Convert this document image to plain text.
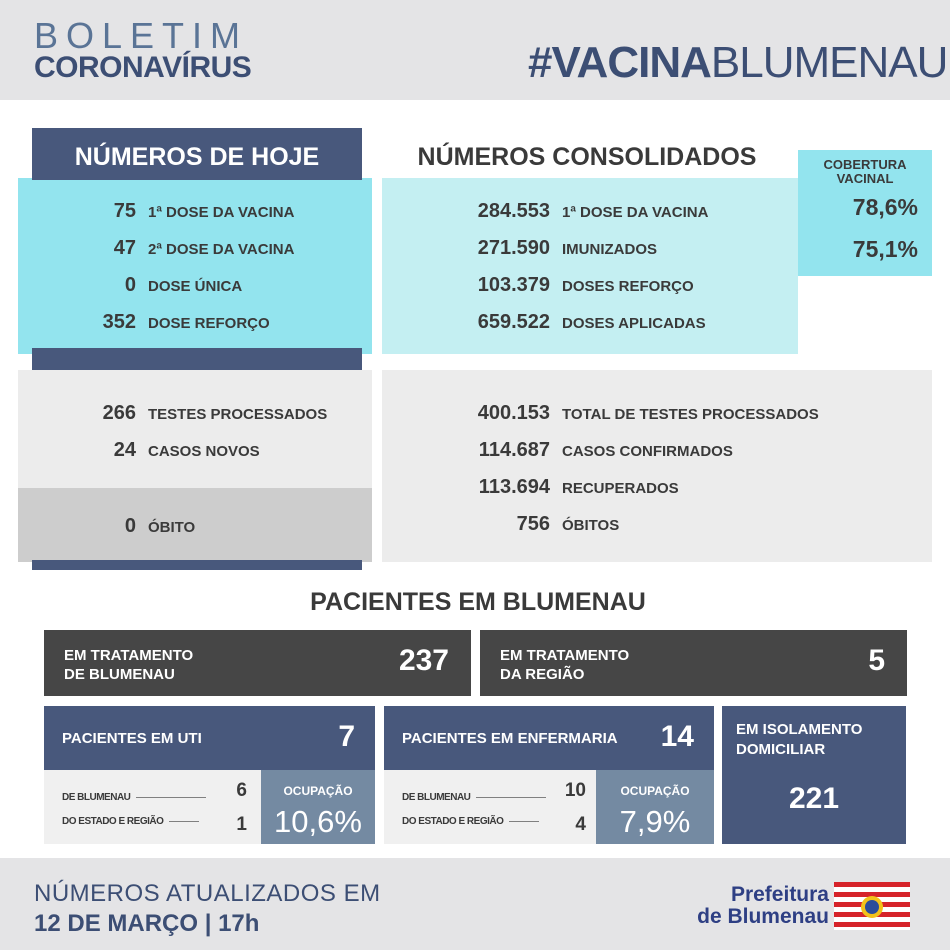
BOLETIM
CORONAVÍRUS	#VACINABLUMENAU
NÚMEROS DE HOJE	NÚMEROS CONSOLIDADOS	COBERTURA
VACINAL
78,6%
75,1%
75 1ª DOSE DA VACINA
47 2ª DOSE DA VACINA
0 DOSE ÚNICA
352 DOSE REFORÇO
284.553 1ª DOSE DA VACINA
271.590 IMUNIZADOS
103.379 DOSES REFORÇO
659.522 DOSES APLICADAS
266 TESTES PROCESSADOS
24 CASOS NOVOS
0 ÓBITO
400.153 TOTAL DE TESTES PROCESSADOS
114.687 CASOS CONFIRMADOS
113.694 RECUPERADOS
756 ÓBITOS
PACIENTES EM BLUMENAU
EM TRATAMENTO
DE BLUMENAU	237	EM TRATAMENTO
DA REGIÃO	5
PACIENTES EM UTI	7
DE BLUMENAU	6
DO ESTADO E REGIÃO	1
OCUPAÇÃO
10,6%
PACIENTES EM ENFERMARIA 14
DE BLUMENAU	10
DO ESTADO E REGIÃO	4
OCUPAÇÃO
7,9%
EM ISOLAMENTO
DOMICILIAR
221
NÚMEROS ATUALIZADOS EM
12 DE MARÇO | 17h
Prefeitura
de Blumenau
